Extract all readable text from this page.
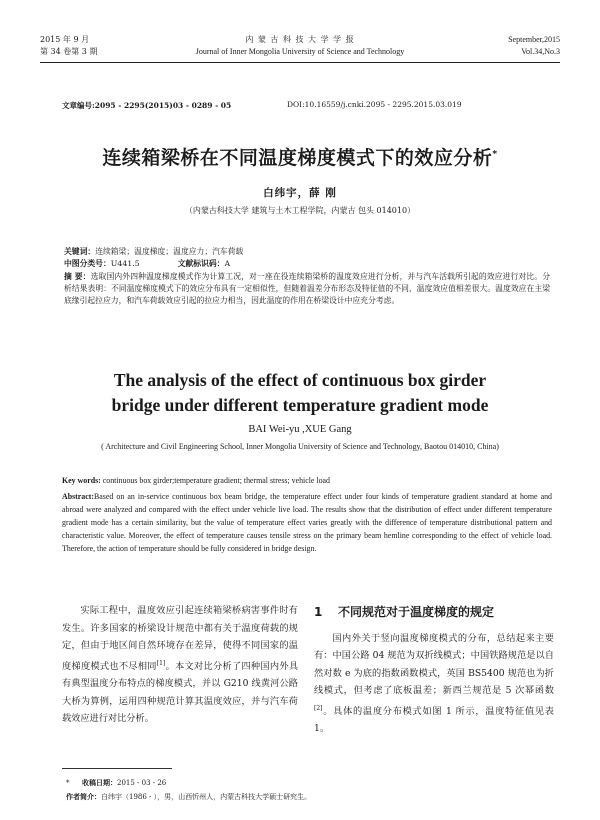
2015 年 9 月
第 34 卷第 3 期
内 蒙 古 科 技 大 学 学 报
Journal of Inner Mongolia University of Science and Technology
September,2015
Vol.34,No.3
文章编号:2095 - 2295(2015)03 - 0289 - 05	DOI:10.16559/j.cnki.2095 - 2295.2015.03.019
连续箱梁桥在不同温度梯度模式下的效应分析*
白纬宇，薛 刚
（内蒙古科技大学 建筑与土木工程学院，内蒙古 包头 014010）
关键词：连续箱梁；温度梯度；温度应力；汽车荷载
中图分类号：U441.5	文献标识码：A
摘 要：选取国内外四种温度梯度模式作为计算工况，对一座在役连续箱梁桥的温度效应进行分析，并与汽车活载所引起的效应进行对比。分析结果表明：不同温度梯度模式下的效应分布具有一定相似性，但随着温差分布形态及特征值的不同，温度效应值相差很大。温度效应在主梁底缘引起拉应力，和汽车荷载效应引起的拉应力相当，因此温度的作用在桥梁设计中应充分考虑。
The analysis of the effect of continuous box girder
bridge under different temperature gradient mode
BAI Wei-yu ,XUE Gang
( Architecture and Civil Engineering School, Inner Mongolia University of Science and Technology, Baotou 014010, China)
Key words: continuous box girder;temperature gradient; thermal stress; vehicle load
Abstract:Based on an in-service continuous box beam bridge, the temperature effect under four kinds of temperature gradient standard at home and abroad were analyzed and compared with the effect under vehicle live load. The results show that the distribution of effect under different temperature gradient mode has a certain similarity, but the value of temperature effect varies greatly with the difference of temperature distributional pattern and characteristic value. Moreover, the effect of temperature causes tensile stress on the primary beam hemline corresponding to the effect of vehicle load. Therefore, the action of temperature should be fully considered in bridge design.
实际工程中，温度效应引起连续箱梁桥病害事件时有发生。许多国家的桥梁设计规范中都有关于温度荷载的规定，但由于地区间自然环境存在差异，使得不同国家的温度梯度模式也不尽相同[1]。本文对比分析了四种国内外具有典型温度分布特点的梯度模式，并以 G210 线黄河公路大桥为算例，运用四种规范计算其温度效应，并与汽车荷载效应进行对比分析。
1 不同规范对于温度梯度的规定
国内外关于竖向温度梯度模式的分布，总结起来主要有：中国公路 04 规范为双折线模式；中国铁路规范是以自然对数 e 为底的指数函数模式，英国 BS5400 规范也为折线模式，但考虑了底板温差；新西兰规范是 5 次幂函数[2]。具体的温度分布模式如图 1 所示，温度特征值见表 1。
* 收稿日期：2015 - 03 - 26
作者简介：白纬宇（1986 - ），男，山西忻州人，内蒙古科技大学硕士研究生。
